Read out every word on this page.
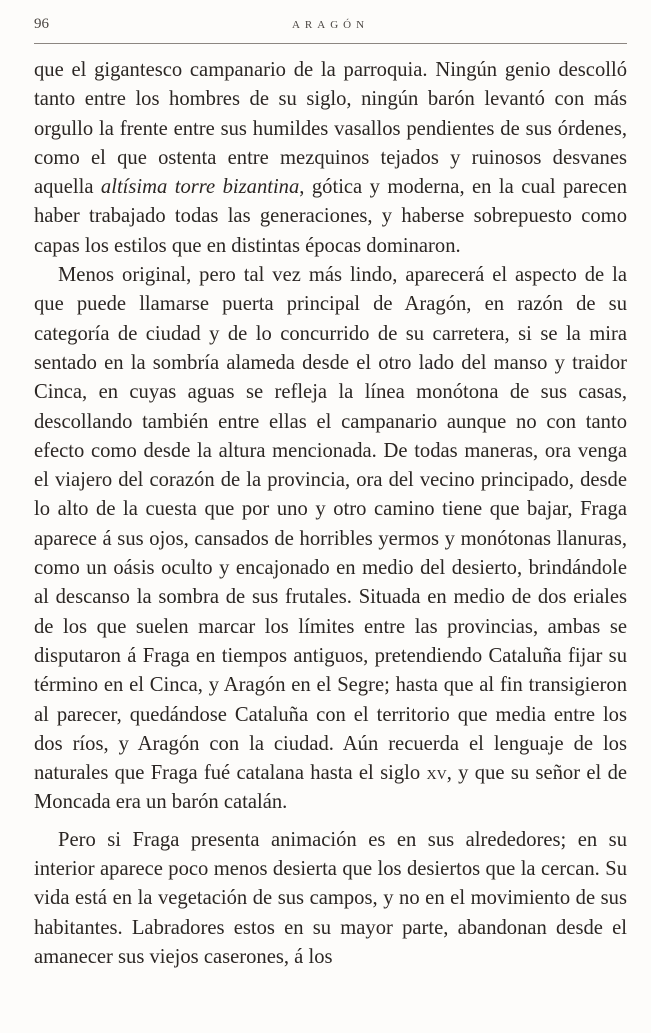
96	ARAGÓN

que el gigantesco campanario de la parroquia. Ningún genio descolló tanto entre los hombres de su siglo, ningún barón levantó con más orgullo la frente entre sus humildes vasallos pendientes de sus órdenes, como el que ostenta entre mezquinos tejados y ruinosos desvanes aquella altísima torre bizantina, gótica y moderna, en la cual parecen haber trabajado todas las generaciones, y haberse sobrepuesto como capas los estilos que en distintas épocas dominaron.

Menos original, pero tal vez más lindo, aparecerá el aspecto de la que puede llamarse puerta principal de Aragón, en razón de su categoría de ciudad y de lo concurrido de su carretera, si se la mira sentado en la sombría alameda desde el otro lado del manso y traidor Cinca, en cuyas aguas se refleja la línea monótona de sus casas, descollando también entre ellas el campanario aunque no con tanto efecto como desde la altura mencionada. De todas maneras, ora venga el viajero del corazón de la provincia, ora del vecino principado, desde lo alto de la cuesta que por uno y otro camino tiene que bajar, Fraga aparece á sus ojos, cansados de horribles yermos y monótonas llanuras, como un oásis oculto y encajonado en medio del desierto, brindándole al descanso la sombra de sus frutales. Situada en medio de dos eriales de los que suelen marcar los límites entre las provincias, ambas se disputaron á Fraga en tiempos antiguos, pretendiendo Cataluña fijar su término en el Cinca, y Aragón en el Segre; hasta que al fin transigieron al parecer, quedándose Cataluña con el territorio que media entre los dos ríos, y Aragón con la ciudad. Aún recuerda el lenguaje de los naturales que Fraga fué catalana hasta el siglo xv, y que su señor el de Moncada era un barón catalán.

Pero si Fraga presenta animación es en sus alrededores; en su interior aparece poco menos desierta que los desiertos que la cercan. Su vida está en la vegetación de sus campos, y no en el movimiento de sus habitantes. Labradores estos en su mayor parte, abandonan desde el amanecer sus viejos caserones, á los
